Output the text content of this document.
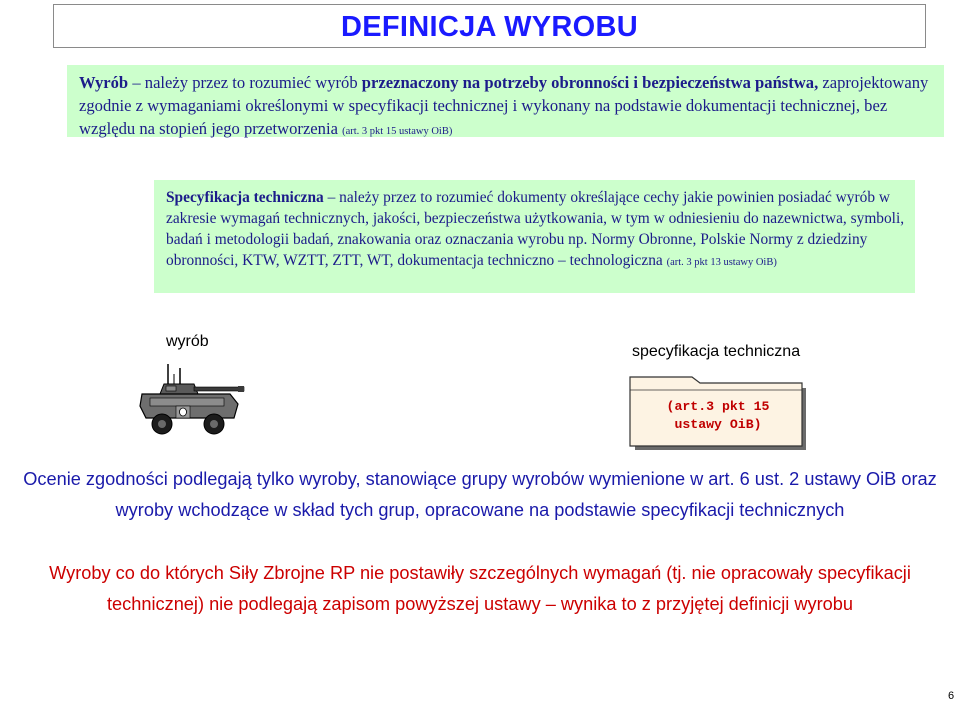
DEFINICJA WYROBU
Wyrób – należy przez to rozumieć wyrób przeznaczony na potrzeby obronności i bezpieczeństwa państwa, zaprojektowany zgodnie z wymaganiami określonymi w specyfikacji technicznej i wykonany na podstawie dokumentacji technicznej, bez względu na stopień jego przetworzenia (art. 3 pkt 15 ustawy OiB)
Specyfikacja techniczna – należy przez to rozumieć dokumenty określające cechy jakie powinien posiadać wyrób w zakresie wymagań technicznych, jakości, bezpieczeństwa użytkowania, w tym w odniesieniu do nazewnictwa, symboli, badań i metodologii badań, znakowania oraz oznaczania wyrobu np. Normy Obronne, Polskie Normy z dziedziny obronności, KTW, WZTT, ZTT, WT, dokumentacja techniczno – technologiczna (art. 3 pkt 13 ustawy OiB)
wyrób
specyfikacja techniczna
(art.3 pkt 15
ustawy OiB)
Ocenie zgodności podlegają tylko wyroby, stanowiące grupy wyrobów wymienione w art. 6 ust. 2 ustawy OiB oraz wyroby wchodzące w skład tych grup, opracowane na podstawie specyfikacji technicznych
Wyroby co do których Siły Zbrojne RP nie postawiły szczególnych wymagań (tj. nie opracowały specyfikacji technicznej) nie podlegają zapisom powyższej ustawy – wynika to z przyjętej definicji wyrobu
6
